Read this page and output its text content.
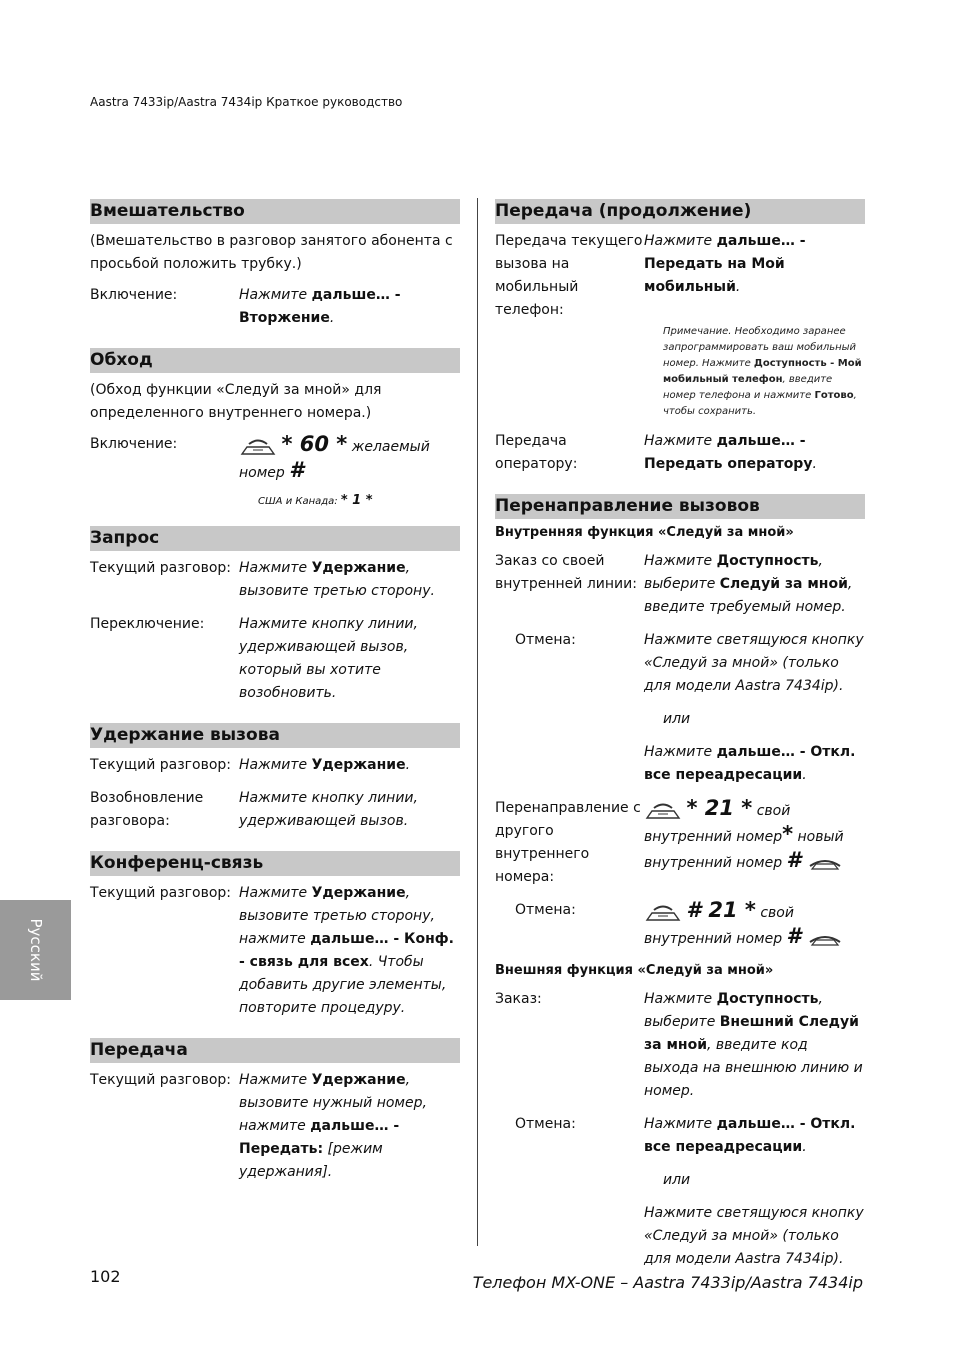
Aastra 7433ip/Aastra 7434ip Краткое руководство
Вмешательство
(Вмешательство в разговор занятого абонента с просьбой положить трубку.)
Включение:	Нажмите дальше… - Вторжение.
Обход
(Обход функции «Следуй за мной» для определенного внутреннего номера.)
Включение:	* 60 * желаемый номер #
США и Канада: * 1 *
Запрос
Текущий разговор: Нажмите Удержание, вызовите третью сторону.
Переключение:	Нажмите кнопку линии, удерживающей вызов, который вы хотите возобновить.
Удержание вызова
Текущий разговор: Нажмите Удержание.
Возобновление разговора:
Нажмите кнопку линии, удерживающей вызов.
Конференц-связь
Текущий разговор: Нажмите Удержание, вызовите третью сторону, нажмите дальше… - Конф. - связь для всех. Чтобы добавить другие элементы, повторите процедуру.
Передача
Текущий разговор: Нажмите Удержание, вызовите нужный номер, нажмите дальше… - Передать: [режим удержания].
Передача (продолжение)
Передача текущего вызова на мобильный телефон:
Нажмите дальше… - Передать на Мой мобильный.
Примечание. Необходимо заранее запрограммировать ваш мобильный номер. Нажмите Доступность - Мой мобильный телефон, введите номер телефона и нажмите Готово, чтобы сохранить.
Передача оператору:
Нажмите дальше… - Передать оператору.
Перенаправление вызовов
Внутренняя функция «Следуй за мной»
Заказ со своей внутренней линии:
Нажмите Доступность, выберите Следуй за мной, введите требуемый номер.
Отмена:	Нажмите светящуюся кнопку «Следуй за мной» (только для модели Aastra 7434ip).
или
Нажмите дальше… - Откл. все переадресации.
Перенаправление с другого внутреннего номера:
* 21 * свой внутренний номер* новый внутренний номер #
Отмена:	# 21 * свой внутренний номер #
Внешняя функция «Следуй за мной»
Заказ:	Нажмите Доступность, выберите Внешний Следуй за мной, введите код выхода на внешнюю линию и номер.
Отмена:	Нажмите дальше… - Откл. все переадресации.
или
Нажмите светящуюся кнопку «Следуй за мной» (только для модели Aastra 7434ip).
Русский
102	Телефон MX-ONE – Aastra 7433ip/Aastra 7434ip
